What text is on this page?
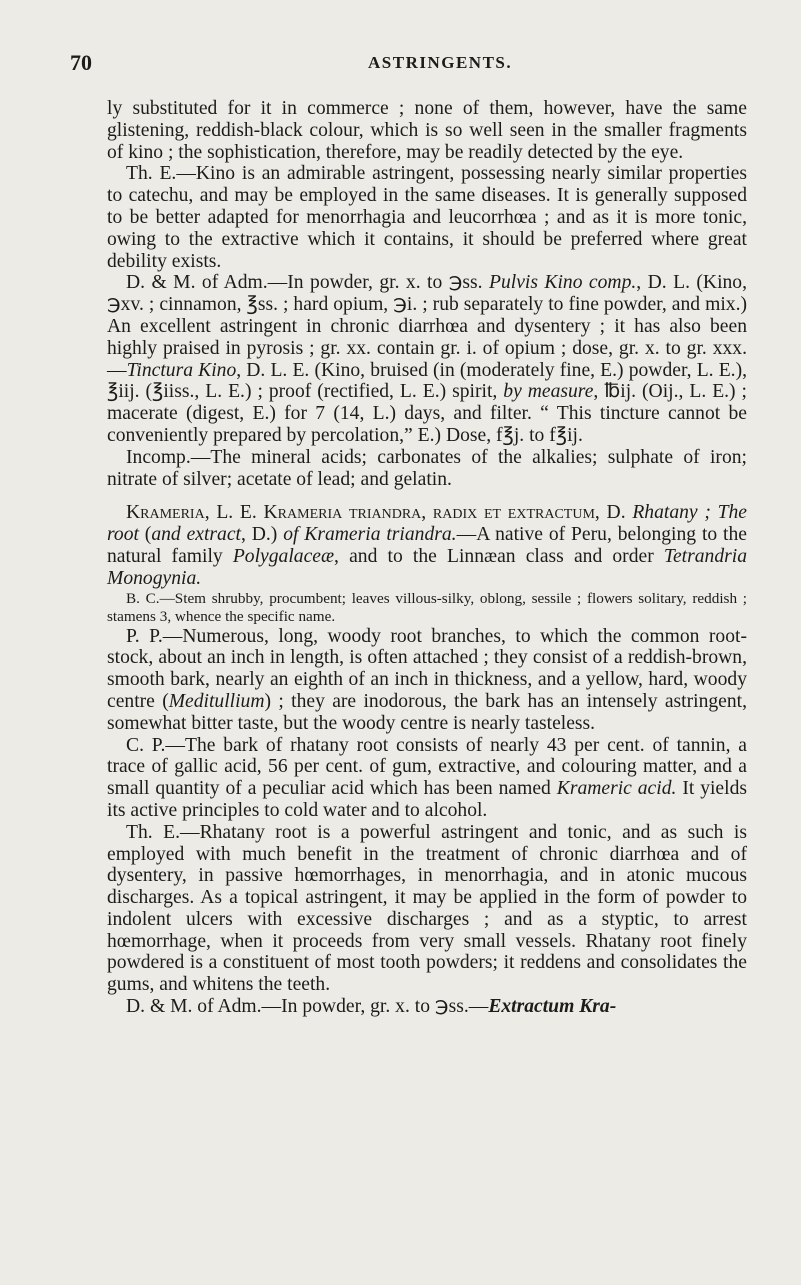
70	ASTRINGENTS.

ly substituted for it in commerce ; none of them, however, have the same glistening, reddish-black colour, which is so well seen in the smaller fragments of kino ; the sophistication, therefore, may be readily detected by the eye.

Th. E.—Kino is an admirable astringent, possessing nearly similar properties to catechu, and may be employed in the same diseases. It is generally supposed to be better adapted for menorrhagia and leucorrhœa ; and as it is more tonic, owing to the extractive which it contains, it should be preferred where great debility exists.

D. & M. of Adm.—In powder, gr. x. to ℈ss. Pulvis Kino comp., D. L. (Kino, ℈xv. ; cinnamon, ℥ss. ; hard opium, ℈i. ; rub separately to fine powder, and mix.) An excellent astringent in chronic diarrhœa and dysentery ; it has also been highly praised in pyrosis ; gr. xx. contain gr. i. of opium ; dose, gr. x. to gr. xxx.—Tinctura Kino, D. L. E. (Kino, bruised (in (moderately fine, E.) powder, L. E.), ℥iij. (℥iiss., L. E.) ; proof (rectified, L. E.) spirit, by measure, ℔ij. (Oij., L. E.) ; macerate (digest, E.) for 7 (14, L.) days, and filter. “ This tincture cannot be conveniently prepared by percolation,” E.) Dose, f℥j. to f℥ij.

Incomp.—The mineral acids; carbonates of the alkalies; sulphate of iron; nitrate of silver; acetate of lead; and gelatin.

Krameria, L. E. Krameria triandra, radix et extractum, D. Rhatany ; The root (and extract, D.) of Krameria triandra.—A native of Peru, belonging to the natural family Polygalaceæ, and to the Linnæan class and order Tetrandria Monogynia.

B. C.—Stem shrubby, procumbent; leaves villous-silky, oblong, sessile ; flowers solitary, reddish ; stamens 3, whence the specific name.

P. P.—Numerous, long, woody root branches, to which the common root-stock, about an inch in length, is often attached ; they consist of a reddish-brown, smooth bark, nearly an eighth of an inch in thickness, and a yellow, hard, woody centre (Meditullium) ; they are inodorous, the bark has an intensely astringent, somewhat bitter taste, but the woody centre is nearly tasteless.

C. P.—The bark of rhatany root consists of nearly 43 per cent. of tannin, a trace of gallic acid, 56 per cent. of gum, extractive, and colouring matter, and a small quantity of a peculiar acid which has been named Krameric acid. It yields its active principles to cold water and to alcohol.

Th. E.—Rhatany root is a powerful astringent and tonic, and as such is employed with much benefit in the treatment of chronic diarrhœa and of dysentery, in passive hœmorrhages, in menorrhagia, and in atonic mucous discharges. As a topical astringent, it may be applied in the form of powder to indolent ulcers with excessive discharges ; and as a styptic, to arrest hœmorrhage, when it proceeds from very small vessels. Rhatany root finely powdered is a constituent of most tooth powders; it reddens and consolidates the gums, and whitens the teeth.

D. & M. of Adm.—In powder, gr. x. to ℈ss.—Extractum Kra-
